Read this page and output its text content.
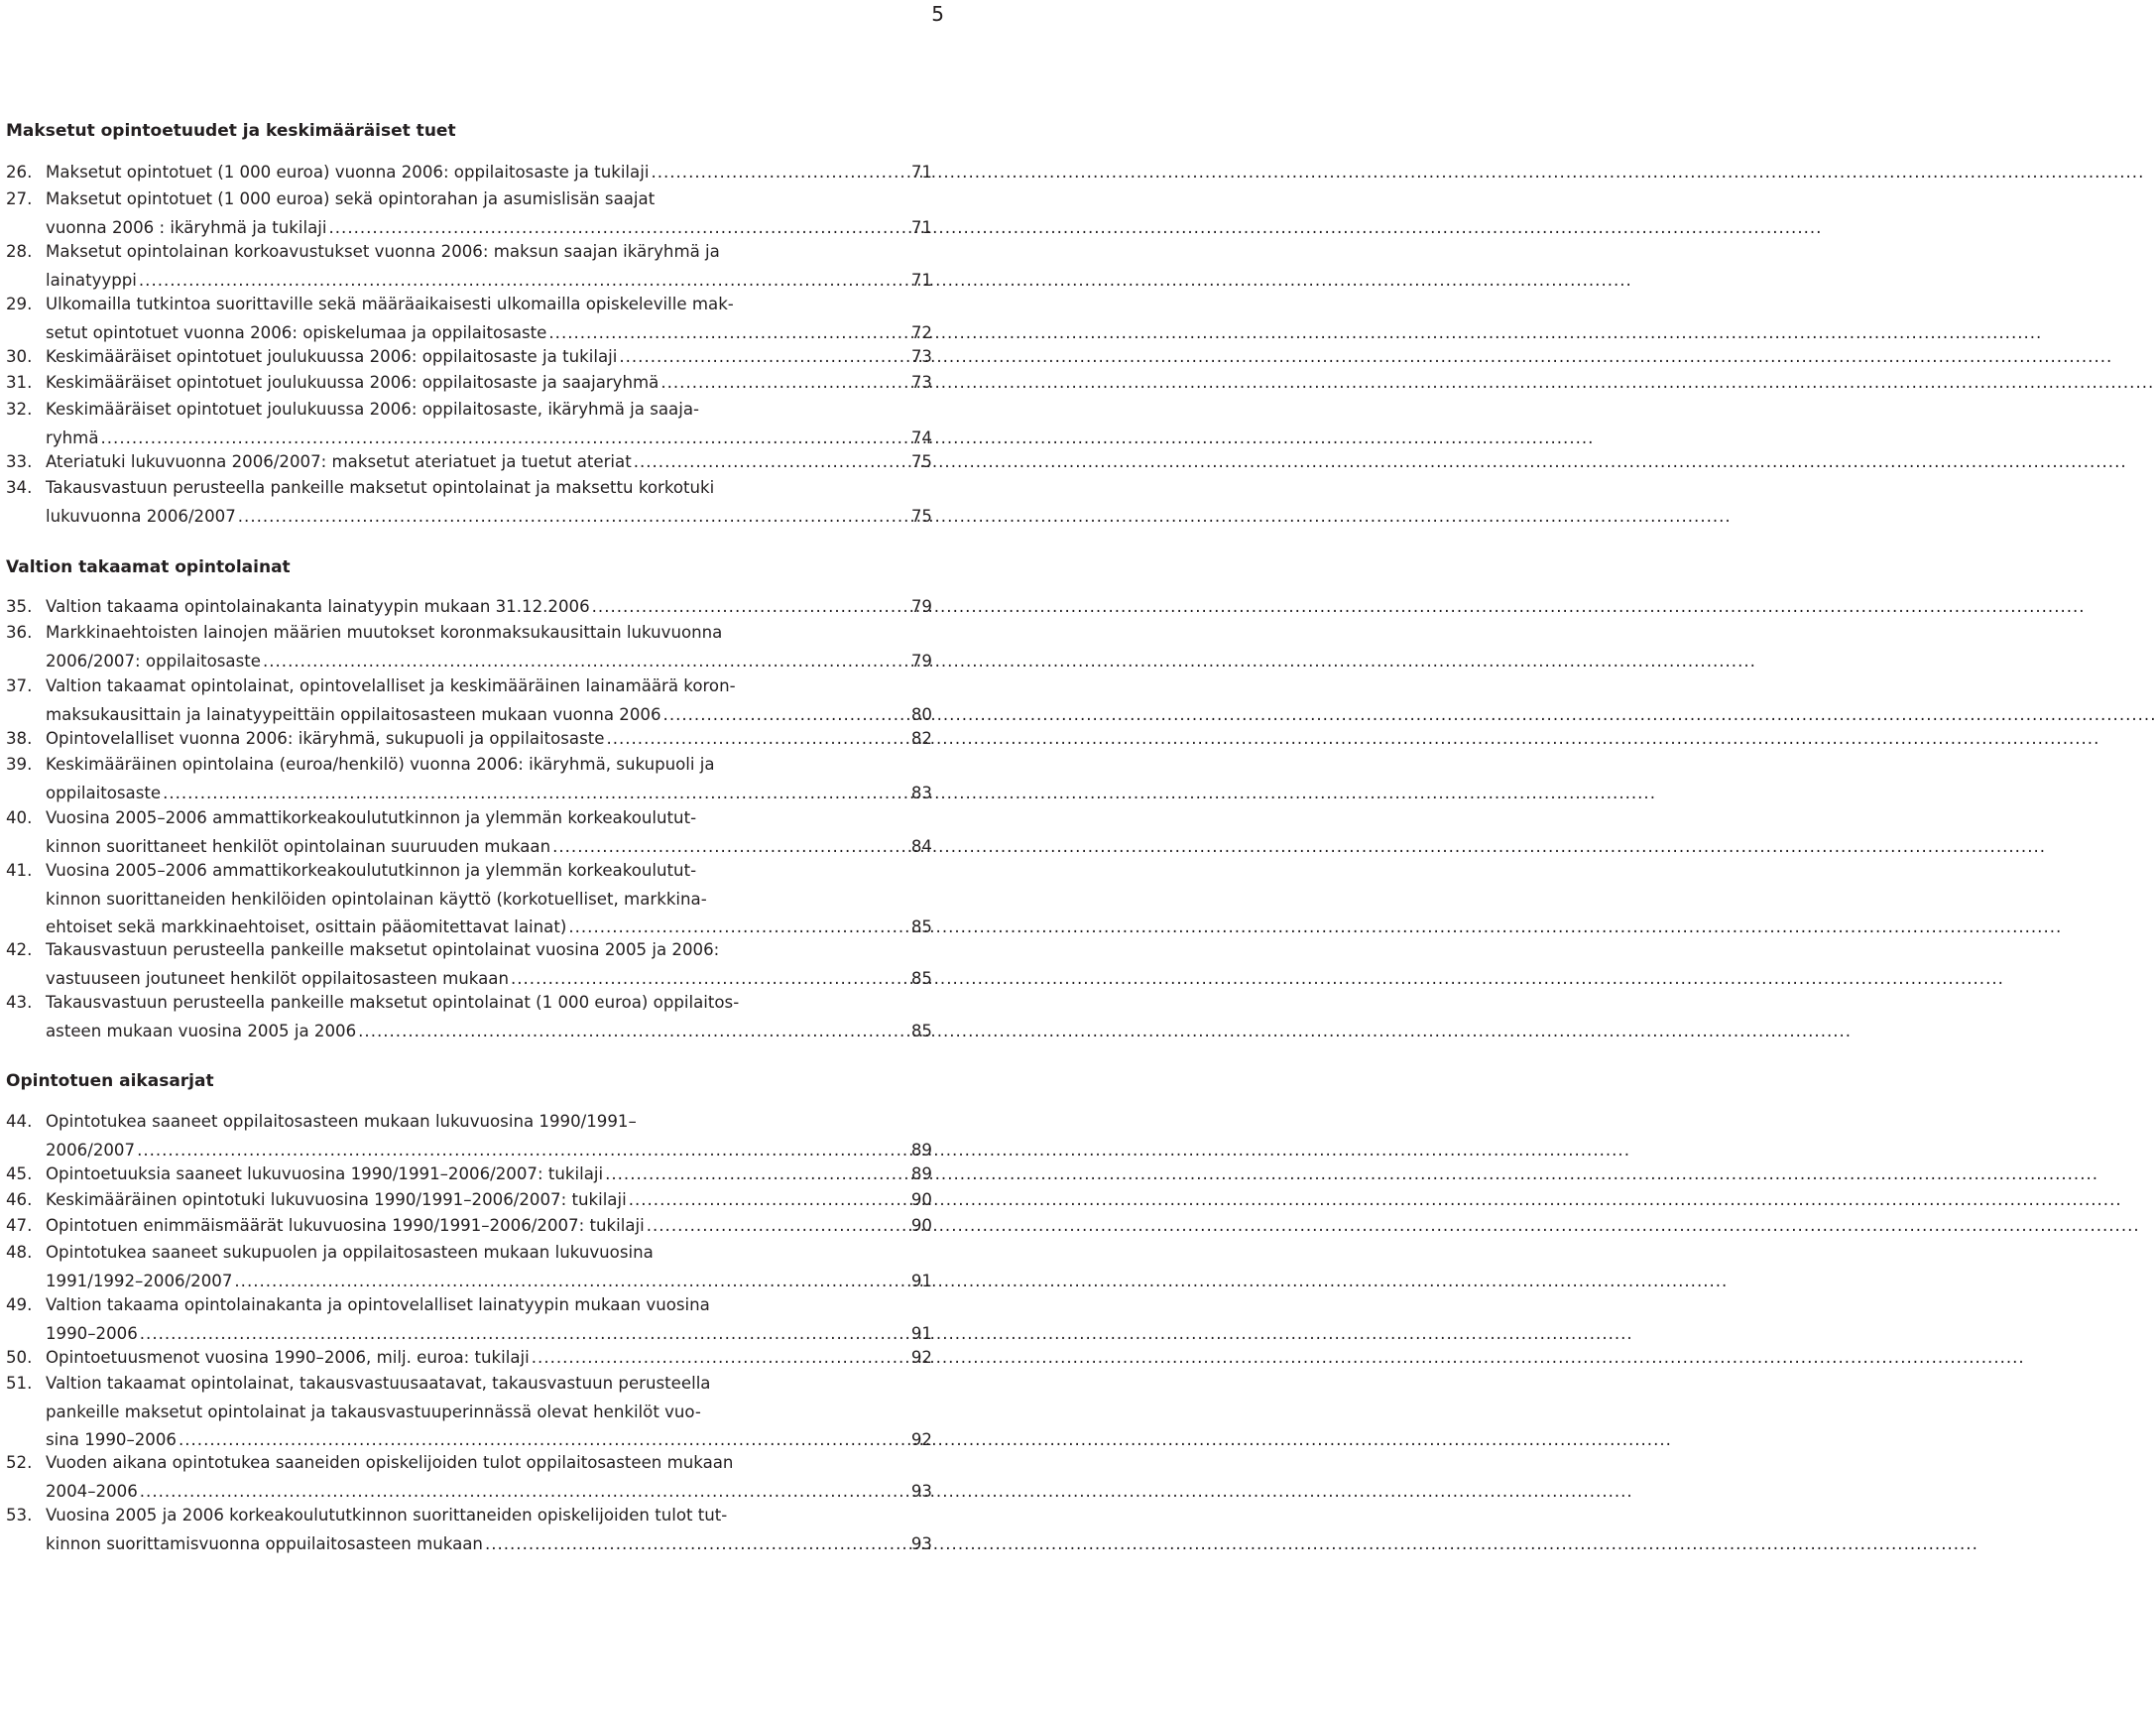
5
Maksetut opintoetuudet ja keskimääräiset tuet
26. Maksetut opintotuet (1 000 euroa) vuonna 2006: oppilaitosaste ja tukilaji .....	71
27. Maksetut opintotuet (1 000 euroa) sekä opintorahan ja asumislisän saajat
vuonna 2006 : ikäryhmä ja tukilaji .....	71
28. Maksetut opintolainan korkoavustukset vuonna 2006: maksun saajan ikäryhmä ja
lainatyyppi .....	71
29. Ulkomailla tutkintoa suorittaville sekä määräaikaisesti ulkomailla opiskeleville mak-
setut opintotuet vuonna 2006: opiskelumaa ja oppilaitosaste .....	72
30. Keskimääräiset opintotuet joulukuussa 2006: oppilaitosaste ja tukilaji .....	73
31. Keskimääräiset opintotuet joulukuussa 2006: oppilaitosaste ja saajaryhmä .....	73
32. Keskimääräiset opintotuet joulukuussa 2006: oppilaitosaste, ikäryhmä ja saaja-
ryhmä .....	74
33. Ateriatuki lukuvuonna 2006/2007: maksetut ateriatuet ja tuetut ateriat .....	75
34. Takausvastuun perusteella pankeille maksetut opintolainat ja maksettu korkotuki
lukuvuonna 2006/2007 .....	75
Valtion takaamat opintolainat
35. Valtion takaama opintolainakanta lainatyypin mukaan 31.12.2006 .....	79
36. Markkinaehtoisten lainojen määrien muutokset koronmaksukausittain lukuvuonna
2006/2007: oppilaitosaste .....	79
37. Valtion takaamat opintolainat, opintovelalliset ja keskimääräinen lainamäärä koron-
maksukausittain ja lainatyypeittäin oppilaitosasteen mukaan vuonna 2006 .....	80
38. Opintovelalliset vuonna 2006: ikäryhmä, sukupuoli ja oppilaitosaste .....	82
39. Keskimääräinen opintolaina (euroa/henkilö) vuonna 2006: ikäryhmä, sukupuoli ja
oppilaitosaste .....	83
40. Vuosina 2005–2006 ammattikorkeakoulututkinnon ja ylemmän korkeakoulutut-
kinnon suorittaneet henkilöt opintolainan suuruuden mukaan .....	84
41. Vuosina 2005–2006 ammattikorkeakoulututkinnon ja ylemmän korkeakoulutut-
kinnon suorittaneiden henkilöiden opintolainan käyttö (korkotuelliset, markkina-
ehtoiset sekä markkinaehtoiset, osittain pääomitettavat lainat) .....	85
42. Takausvastuun perusteella pankeille maksetut opintolainat vuosina 2005 ja 2006:
vastuuseen joutuneet henkilöt oppilaitosasteen mukaan .....	85
43. Takausvastuun perusteella pankeille maksetut opintolainat (1 000 euroa) oppilaitos-
asteen mukaan vuosina 2005 ja 2006 .....	85
Opintotuen aikasarjat
44. Opintotukea saaneet oppilaitosasteen mukaan lukuvuosina 1990/1991–
2006/2007 .....	89
45. Opintoetuuksia saaneet lukuvuosina 1990/1991–2006/2007: tukilaji .....	89
46. Keskimääräinen opintotuki lukuvuosina 1990/1991–2006/2007: tukilaji .....	90
47. Opintotuen enimmäismäärät lukuvuosina 1990/1991–2006/2007: tukilaji .....	90
48. Opintotukea saaneet sukupuolen ja oppilaitosasteen mukaan lukuvuosina
1991/1992–2006/2007 .....	91
49. Valtion takaama opintolainakanta ja opintovelalliset lainatyypin mukaan vuosina
1990–2006 .....	91
50. Opintoetuusmenot vuosina 1990–2006, milj. euroa: tukilaji .....	92
51. Valtion takaamat opintolainat, takausvastuusaatavat, takausvastuun perusteella
pankeille maksetut opintolainat ja takausvastuuperinnässä olevat henkilöt vuo-
sina 1990–2006 .....	92
52. Vuoden aikana opintotukea saaneiden opiskelijoiden tulot oppilaitosasteen mukaan
2004–2006 .....	93
53. Vuosina 2005 ja 2006 korkeakoulututkinnon suorittaneiden opiskelijoiden tulot tut-
kinnon suorittamisvuonna oppuilaitosasteen mukaan .....	93
